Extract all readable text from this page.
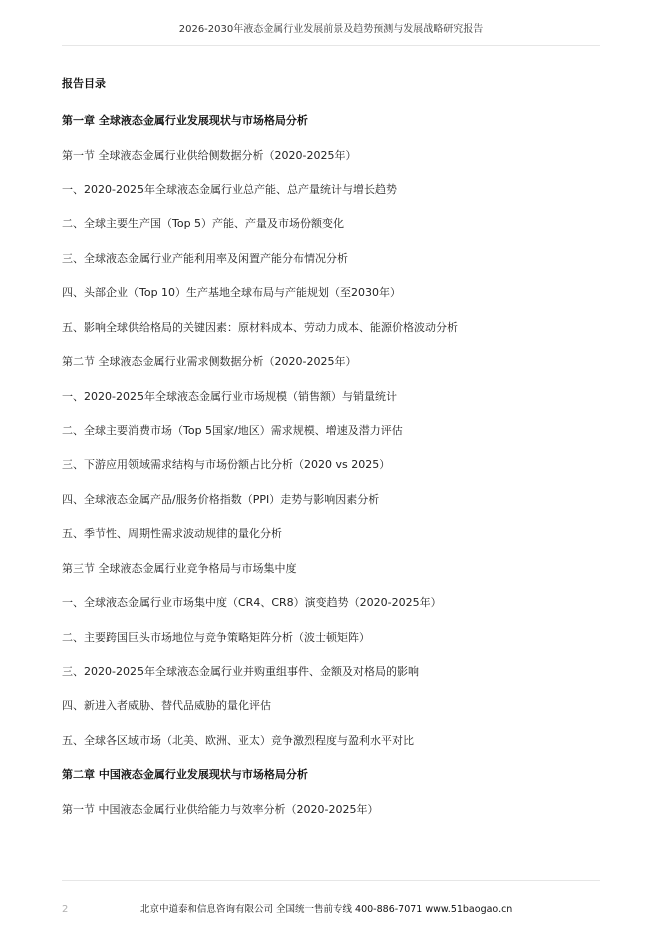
2026-2030年液态金属行业发展前景及趋势预测与发展战略研究报告
报告目录
第一章 全球液态金属行业发展现状与市场格局分析
第一节 全球液态金属行业供给侧数据分析（2020-2025年）
一、2020-2025年全球液态金属行业总产能、总产量统计与增长趋势
二、全球主要生产国（Top 5）产能、产量及市场份额变化
三、全球液态金属行业产能利用率及闲置产能分布情况分析
四、头部企业（Top 10）生产基地全球布局与产能规划（至2030年）
五、影响全球供给格局的关键因素：原材料成本、劳动力成本、能源价格波动分析
第二节 全球液态金属行业需求侧数据分析（2020-2025年）
一、2020-2025年全球液态金属行业市场规模（销售额）与销量统计
二、全球主要消费市场（Top 5国家/地区）需求规模、增速及潜力评估
三、下游应用领域需求结构与市场份额占比分析（2020 vs 2025）
四、全球液态金属产品/服务价格指数（PPI）走势与影响因素分析
五、季节性、周期性需求波动规律的量化分析
第三节 全球液态金属行业竞争格局与市场集中度
一、全球液态金属行业市场集中度（CR4、CR8）演变趋势（2020-2025年）
二、主要跨国巨头市场地位与竞争策略矩阵分析（波士顿矩阵）
三、2020-2025年全球液态金属行业并购重组事件、金额及对格局的影响
四、新进入者威胁、替代品威胁的量化评估
五、全球各区域市场（北美、欧洲、亚太）竞争激烈程度与盈利水平对比
第二章 中国液态金属行业发展现状与市场格局分析
第一节 中国液态金属行业供给能力与效率分析（2020-2025年）
2	北京中道泰和信息咨询有限公司 全国统一售前专线 400-886-7071 www.51baogao.cn
